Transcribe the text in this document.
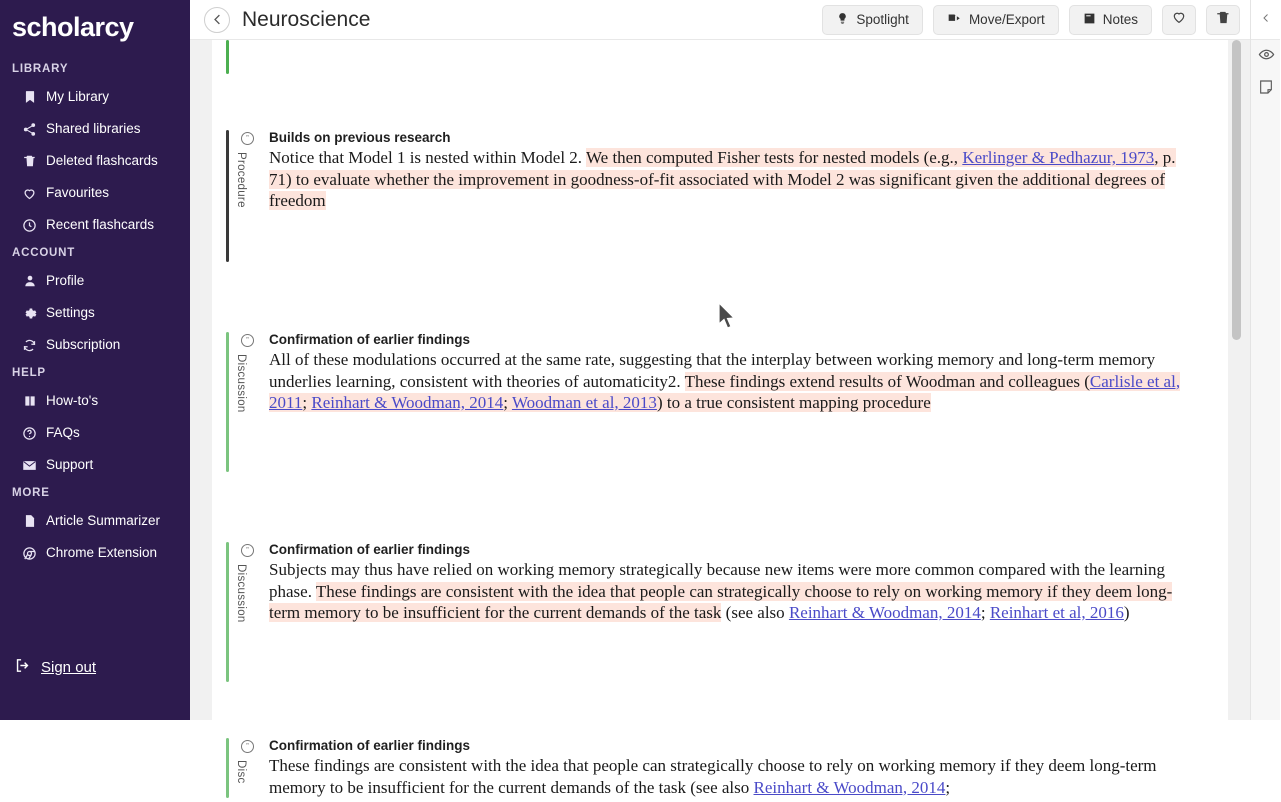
scholarcy
LIBRARY
My Library
Shared libraries
Deleted flashcards
Favourites
Recent flashcards
ACCOUNT
Profile
Settings
Subscription
HELP
How-to's
FAQs
Support
MORE
Article Summarizer
Chrome Extension
Sign out
Neuroscience	Spotlight	Move/Export	Notes
”
Procedure
Builds on previous research
Notice that Model 1 is nested within Model 2. We then computed Fisher tests for nested models (e.g., Kerlinger & Pedhazur, 1973, p. 71) to evaluate whether the improvement in goodness-of-fit associated with Model 2 was significant given the additional degrees of freedom
”
Discussion
Confirmation of earlier findings
All of these modulations occurred at the same rate, suggesting that the interplay between working memory and long-term memory underlies learning, consistent with theories of automaticity2. These findings extend results of Woodman and colleagues (Carlisle et al, 2011; Reinhart & Woodman, 2014; Woodman et al, 2013) to a true consistent mapping procedure
”
Discussion
Confirmation of earlier findings
Subjects may thus have relied on working memory strategically because new items were more common compared with the learning phase. These findings are consistent with the idea that people can strategically choose to rely on working memory if they deem long-term memory to be insufficient for the current demands of the task (see also Reinhart & Woodman, 2014; Reinhart et al, 2016)
”
Disc
Confirmation of earlier findings
These findings are consistent with the idea that people can strategically choose to rely on working memory if they deem long-term memory to be insufficient for the current demands of the task (see also Reinhart & Woodman, 2014;
